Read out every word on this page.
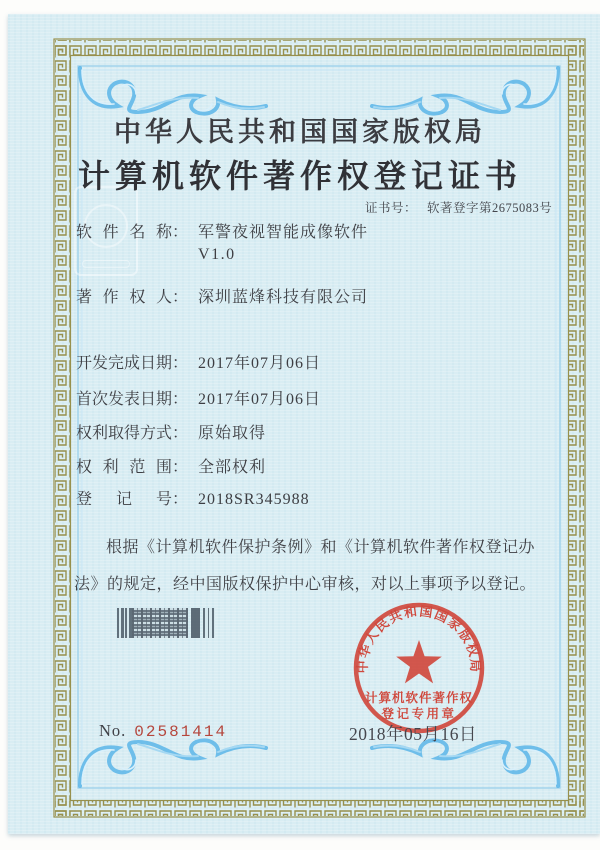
中华人民共和国国家版权局
计算机软件著作权登记证书
证书号： 软著登字第2675083号
软件名称： 军警夜视智能成像软件
V1.0
著作权人： 深圳蓝烽科技有限公司
开发完成日期： 2017年07月06日
首次发表日期： 2017年07月06日
权利取得方式： 原始取得
权利范围： 全部权利
登记号： 2018SR345988
根据《计算机软件保护条例》和《计算机软件著作权登记办法》的规定，经中国版权保护中心审核，对以上事项予以登记。
No. 02581414
中华人民共和国国家版权局
计算机软件著作权
登记专用章
2018年05月16日
